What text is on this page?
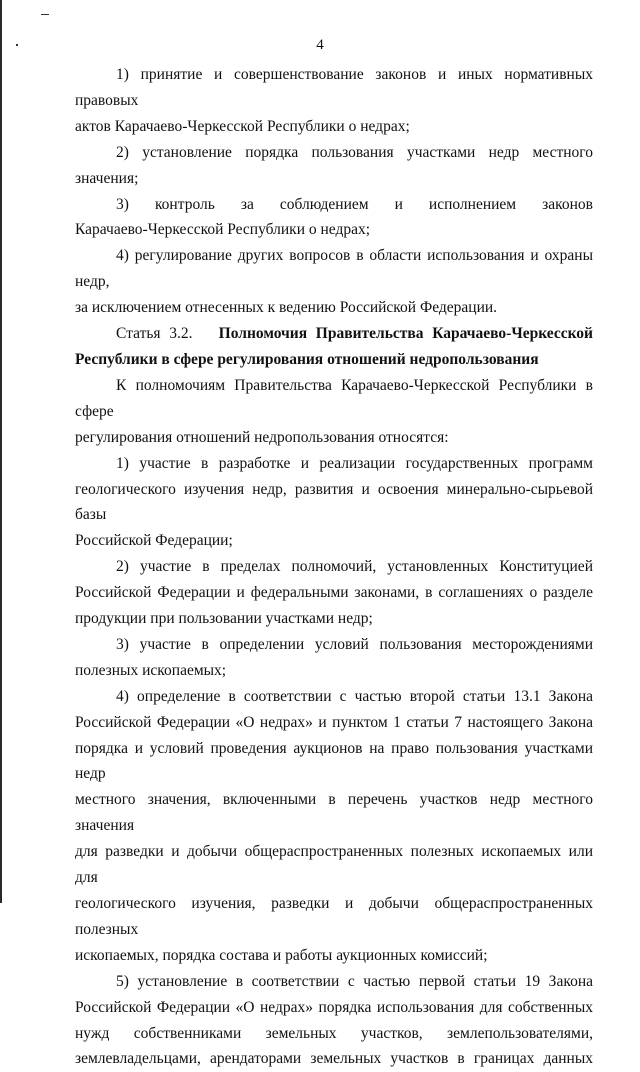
4
1) принятие и совершенствование законов и иных нормативных правовых
актов Карачаево-Черкесской Республики о недрах;
2) установление порядка пользования участками недр местного значения;
3) контроль за соблюдением и исполнением законов
Карачаево-Черкесской Республики о недрах;
4) регулирование других вопросов в области использования и охраны недр,
за исключением отнесенных к ведению Российской Федерации.
Статья 3.2. Полномочия Правительства Карачаево-Черкесской
Республики в сфере регулирования отношений недропользования
К полномочиям Правительства Карачаево-Черкесской Республики в сфере
регулирования отношений недропользования относятся:
1) участие в разработке и реализации государственных программ
геологического изучения недр, развития и освоения минерально-сырьевой базы
Российской Федерации;
2) участие в пределах полномочий, установленных Конституцией
Российской Федерации и федеральными законами, в соглашениях о разделе
продукции при пользовании участками недр;
3) участие в определении условий пользования месторождениями
полезных ископаемых;
4) определение в соответствии с частью второй статьи 13.1 Закона
Российской Федерации «О недрах» и пунктом 1 статьи 7 настоящего Закона
порядка и условий проведения аукционов на право пользования участками недр
местного значения, включенными в перечень участков недр местного значения
для разведки и добычи общераспространенных полезных ископаемых или для
геологического изучения, разведки и добычи общераспространенных полезных
ископаемых, порядка состава и работы аукционных комиссий;
5) установление в соответствии с частью первой статьи 19 Закона
Российской Федерации «О недрах» порядка использования для собственных
нужд собственниками земельных участков, землепользователями,
землевладельцами, арендаторами земельных участков в границах данных
